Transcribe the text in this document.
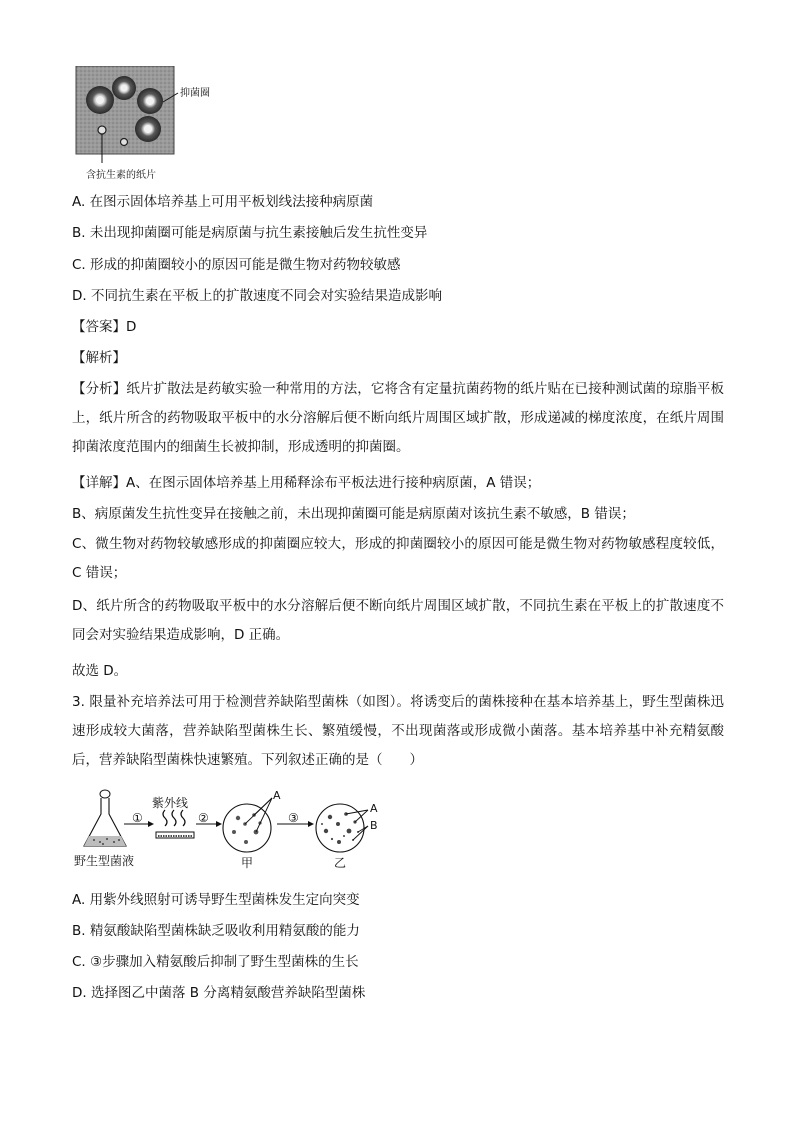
抑菌圈
含抗生素的纸片
A. 在图示固体培养基上可用平板划线法接种病原菌
B. 未出现抑菌圈可能是病原菌与抗生素接触后发生抗性变异
C. 形成的抑菌圈较小的原因可能是微生物对药物较敏感
D. 不同抗生素在平板上的扩散速度不同会对实验结果造成影响
【答案】D
【解析】
【分析】纸片扩散法是药敏实验一种常用的方法，它将含有定量抗菌药物的纸片贴在已接种测试菌的琼脂平板上，纸片所含的药物吸取平板中的水分溶解后便不断向纸片周围区域扩散，形成递减的梯度浓度，在纸片周围抑菌浓度范围内的细菌生长被抑制，形成透明的抑菌圈。
【详解】A、在图示固体培养基上用稀释涂布平板法进行接种病原菌，A 错误；
B、病原菌发生抗性变异在接触之前，未出现抑菌圈可能是病原菌对该抗生素不敏感，B 错误；
C、微生物对药物较敏感形成的抑菌圈应较大，形成的抑菌圈较小的原因可能是微生物对药物敏感程度较低，C 错误；
D、纸片所含的药物吸取平板中的水分溶解后便不断向纸片周围区域扩散，不同抗生素在平板上的扩散速度不同会对实验结果造成影响，D 正确。
故选 D。
3. 限量补充培养法可用于检测营养缺陷型菌株（如图）。将诱变后的菌株接种在基本培养基上，野生型菌株迅速形成较大菌落，营养缺陷型菌株生长、繁殖缓慢，不出现菌落或形成微小菌落。基本培养基中补充精氨酸后，营养缺陷型菌株快速繁殖。下列叙述正确的是（　　）
①	②	③
紫外线
野生型菌液	甲	乙
A
A
B
A. 用紫外线照射可诱导野生型菌株发生定向突变
B. 精氨酸缺陷型菌株缺乏吸收利用精氨酸的能力
C. ③步骤加入精氨酸后抑制了野生型菌株的生长
D. 选择图乙中菌落 B 分离精氨酸营养缺陷型菌株
